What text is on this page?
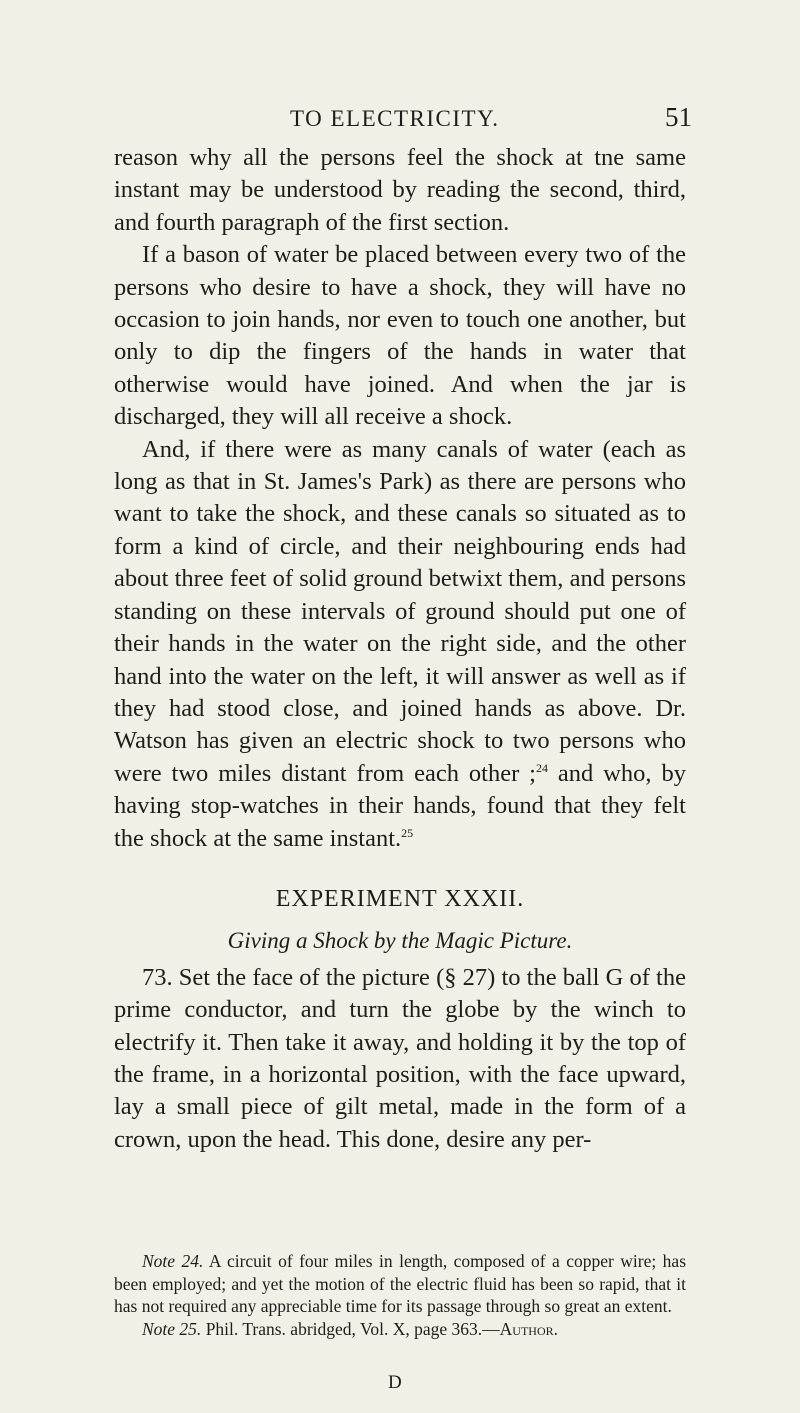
TO ELECTRICITY.	51

reason why all the persons feel the shock at tne same instant may be understood by reading the second, third, and fourth paragraph of the first section.

If a bason of water be placed between every two of the persons who desire to have a shock, they will have no occasion to join hands, nor even to touch one another, but only to dip the fingers of the hands in water that otherwise would have joined. And when the jar is discharged, they will all receive a shock.

And, if there were as many canals of water (each as long as that in St. James's Park) as there are persons who want to take the shock, and these canals so situated as to form a kind of circle, and their neighbouring ends had about three feet of solid ground betwixt them, and persons standing on these intervals of ground should put one of their hands in the water on the right side, and the other hand into the water on the left, it will answer as well as if they had stood close, and joined hands as above. Dr. Watson has given an electric shock to two persons who were two miles distant from each other ;$^{24}$ and who, by having stop-watches in their hands, found that they felt the shock at the same instant.$^{25}$

EXPERIMENT XXXII.
Giving a Shock by the Magic Picture.

73. Set the face of the picture (§ 27) to the ball G of the prime conductor, and turn the globe by the winch to electrify it. Then take it away, and holding it by the top of the frame, in a horizontal position, with the face upward, lay a small piece of gilt metal, made in the form of a crown, upon the head. This done, desire any per-

Note 24. A circuit of four miles in length, composed of a copper wire; has been employed; and yet the motion of the electric fluid has been so rapid, that it has not required any appreciable time for its passage through so great an extent.

Note 25. Phil. Trans. abridged, Vol. X, page 363.—Author.

D
